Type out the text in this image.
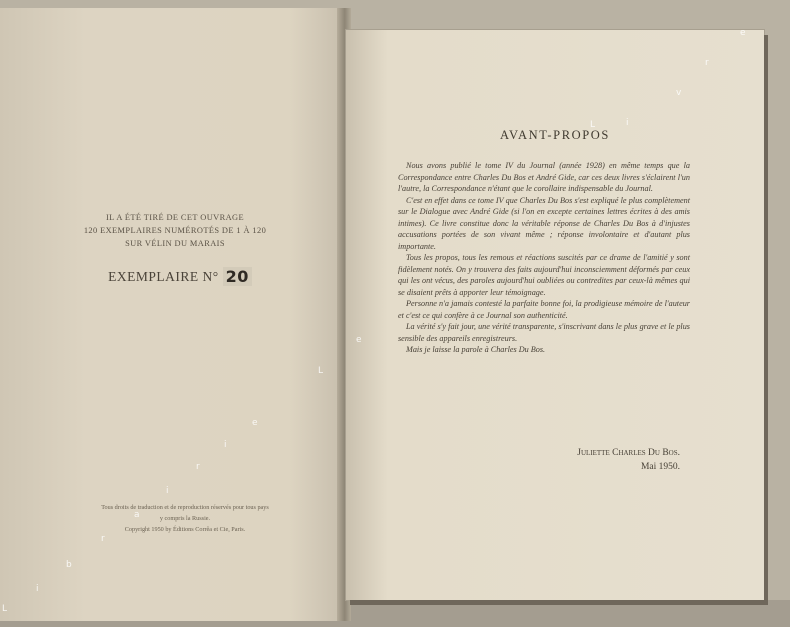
IL A ÉTÉ TIRÉ DE CET OUVRAGE
120 EXEMPLAIRES NUMÉROTÉS DE 1 À 120
SUR VÉLIN DU MARAIS
EXEMPLAIRE N° 20
Tous droits de traduction et de reproduction réservés pour tous pays
y compris la Russie.
Copyright 1950 by Éditions Corrêa et Cie, Paris.
AVANT-PROPOS

Nous avons publié le tome IV du Journal (année 1928) en même temps que la Correspondance entre Charles Du Bos et André Gide, car ces deux livres s'éclairent l'un l'autre, la Correspondance n'étant que le corollaire indispensable du Journal.

C'est en effet dans ce tome IV que Charles Du Bos s'est expliqué le plus complètement sur le Dialogue avec André Gide (si l'on en excepte certaines lettres écrites à des amis intimes). Ce livre constitue donc la véritable réponse de Charles Du Bos à d'injustes accusations portées de son vivant même ; réponse involontaire et d'autant plus importante.

Tous les propos, tous les remous et réactions suscités par ce drame de l'amitié y sont fidèlement notés. On y trouvera des faits aujourd'hui inconsciemment déformés par ceux qui les ont vécus, des paroles aujourd'hui oubliées ou contredites par ceux-là mêmes qui se disaient prêts à apporter leur témoignage.

Personne n'a jamais contesté la parfaite bonne foi, la prodigieuse mémoire de l'auteur et c'est ce qui confère à ce Journal son authenticité.

La vérité s'y fait jour, une vérité transparente, s'inscrivant dans le plus grave et le plus sensible des appareils enregistreurs.

Mais je laisse la parole à Charles Du Bos.

Juliette Charles Du Bos.
Mai 1950.
L
i
b
r
a
i
r
i
e
L
e
L	i
v
r
e
